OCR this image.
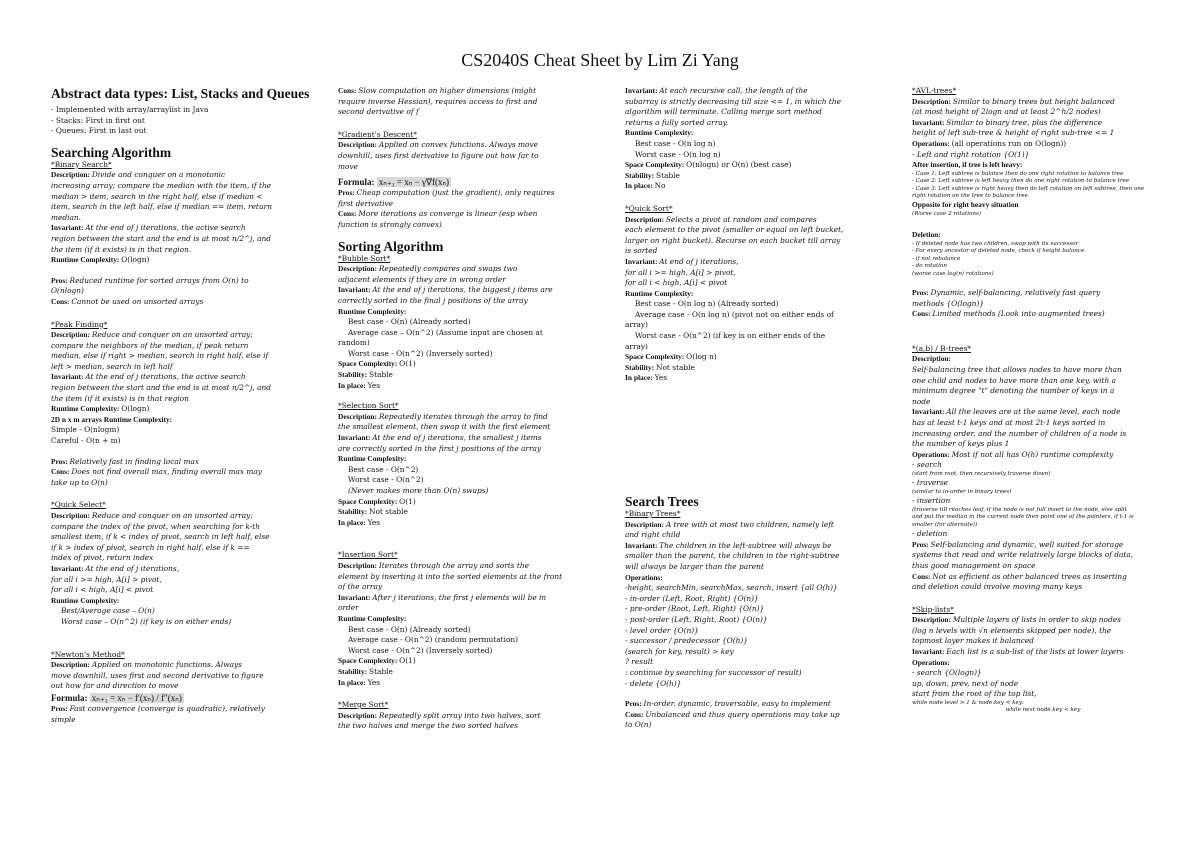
CS2040S Cheat Sheet by Lim Zi Yang
Abstract data types: List, Stacks and Queues
- Implemented with array/arraylist in Java
- Stacks: First in first out
- Queues: First in last out
Searching Algorithm
*Binary Search*
Description: Divide and conquer on a monotonic
increasing array; compare the median with the item, if the
median > item, search in the right half, else if median <
item, search in the left half, else if median == item, return
median.
Invariant: At the end of j iterations, the active search
region between the start and the end is at most n/2^j, and
the item (if it exists) is in that region.
Runtime Complexity: O(logn)
Pros: Reduced runtime for sorted arrays from O(n) to
O(nlogn)
Cons: Cannot be used on unsorted arrays
*Peak Finding*
Description: Reduce and conquer on an unsorted array;
compare the neighbors of the median, if peak return
median, else if right > median, search in right half, else if
left > median, search in left half
Invariant: At the end of j iterations, the active search
region between the start and the end is at most n/2^j, and
the item (if it exists) is in that region
Runtime Complexity: O(logn)
2D n x m arrays Runtime Complexity:
Simple - O(nlogm)
Careful - O(n + m)
Pros: Relatively fast in finding local max
Cons: Does not find overall max, finding overall max may
take up to O(n)
*Quick Select*
Description: Reduce and conquer on an unsorted array;
compare the index of the pivot, when searching for k-th
smallest item, if k < index of pivot, search in left half, else
if k > index of pivot, search in right half, else if k ==
index of pivot, return index
Invariant: At the end of j iterations,
for all i >= high, A[i] > pivot,
for all i < high, A[i] < pivot
Runtime Complexity:
Best/Average case – O(n)
Worst case – O(n^2) (if key is on either ends)
*Newton's Method*
Description: Applied on monotonic functions. Always
move downhill, uses first and second derivative to figure
out how far and direction to move
Formula: xₙ₊₁ = xₙ − f′(xₙ) / f″(xₙ)
Pros: Fast convergence (converge is quadratic), relatively
simple
Cons: Slow computation on higher dimensions (might
require inverse Hessian), requires access to first and
second derivative of f
*Gradient's Descent*
Description: Applied on convex functions. Always move
downhill, uses first derivative to figure out how far to
move
Formula: xₙ₊₁ = xₙ − γ∇f(xₙ)
Pros: Cheap computation (just the gradient), only requires
first derivative
Cons: More iterations as converge is linear (esp when
function is strongly convex)
Sorting Algorithm
*Bubble Sort*
Description: Repeatedly compares and swaps two
adjacent elements if they are in wrong order
Invariant: At the end of j iterations, the biggest j items are
correctly sorted in the final j positions of the array
Runtime Complexity:
Best case - O(n) (Already sorted)
Average case – O(n^2) (Assume input are chosen at
random)
Worst case - O(n^2) (Inversely sorted)
Space Complexity: O(1)
Stability: Stable
In place: Yes
*Selection Sort*
Description: Repeatedly iterates through the array to find
the smallest element, then swap it with the first element
Invariant: At the end of j iterations, the smallest j items
are correctly sorted in the first j positions of the array
Runtime Complexity:
Best case - O(n^2)
Worst case - O(n^2)
(Never makes more than O(n) swaps)
Space Complexity: O(1)
Stability: Not stable
In place: Yes
*Insertion Sort*
Description: Iterates through the array and sorts the
element by inserting it into the sorted elements at the front
of the array
Invariant: After j iterations, the first j elements will be in
order
Runtime Complexity:
Best case - O(n) (Already sorted)
Average case - O(n^2) (random permutation)
Worst case - O(n^2) (Inversely sorted)
Space Complexity: O(1)
Stability: Stable
In place: Yes
*Merge Sort*
Description: Repeatedly split array into two halves, sort
the two halves and merge the two sorted halves
Invariant: At each recursive call, the length of the
subarray is strictly decreasing till size <= 1, in which the
algorithm will terminate. Calling merge sort method
returns a fully sorted array.
Runtime Complexity:
Best case - O(n log n)
Worst case - O(n log n)
Space Complexity: O(nlogn) or O(n) (best case)
Stability: Stable
In place: No
*Quick Sort*
Description: Selects a pivot at random and compares
each element to the pivot (smaller or equal on left bucket,
larger on right bucket). Recurse on each bucket till array
is sorted
Invariant: At end of j iterations,
for all i >= high, A[i] > pivot,
for all i < high, A[i] < pivot
Runtime Complexity:
Best case - O(n log n) (Already sorted)
Average case - O(n log n) (pivot not on either ends of
array)
Worst case - O(n^2) (if key is on either ends of the
array)
Space Complexity: O(log n)
Stability: Not stable
In place: Yes
Search Trees
*Binary Trees*
Description: A tree with at most two children, namely left
and right child
Invariant: The children in the left-subtree will always be
smaller than the parent, the children in the right-subtree
will always be larger than the parent
Operations:
-height, searchMin, searchMax, search, insert {all O(h)}
- in-order (Left, Root, Right) {O(n)}
- pre-order (Root, Left, Right) {O(n)}
- post-order (Left, Right, Root) {O(n)}
- level order {O(n)}
- successor / predecessor {O(h)}
(search for key, result) > key
? result
: continue by searching for successor of result)
- delete {O(h)}
Pros: In-order, dynamic, traversable, easy to implement
Cons: Unbalanced and thus query operations may take up
to O(n)
*AVL-trees*
Description: Similar to binary trees but height balanced
(at most height of 2logn and at least 2^h/2 nodes)
Invariant: Similar to binary tree, plus the difference
height of left sub-tree & height of right sub-tree <= 1
Operations: (all operations run on O(logn))
- Left and right rotation {O(1)}
After insertion, if tree is left heavy:
- Case 1: Left subtree is balance then do one right rotation to balance tree
- Case 2: Left subtree is left heavy then do one right rotation to balance tree
- Case 3: Left subtree is right heavy then do left rotation on left subtree, then one
right rotation on the tree to balance tree
Opposite for right heavy situation
(Worse case 2 rotations)
Deletion:
- If deleted node has two children, swap with its successor
- For every ancestor of deleted node, check if height balance
- if not rebalance
- do rotation
(worse case log(n) rotations)
Pros: Dynamic, self-balancing, relatively fast query
methods {O(logn)}
Cons: Limited methods (Look into augmented trees)
*(a,b) / B-trees*
Description:
Self-balancing tree that allows nodes to have more than
one child and nodes to have more than one key, with a
minimum degree "t" denoting the number of keys in a
node
Invariant: All the leaves are at the same level, each node
has at least t-1 keys and at most 2t-1 keys sorted in
increasing order, and the number of children of a node is
the number of keys plus 1
Operations: Most if not all has O(h) runtime complexity
- search
(start from root, then recursively traverse down)
- traverse
(similar to in-order in binary trees)
- insertion
(traverse till reaches leaf, if the node is not full insert to the node, else split
and put the median in the current node then point one of the pointers, if t-1 is
smaller (for alternate))
- deletion
Pros: Self-balancing and dynamic, well suited for storage
systems that read and write relatively large blocks of data,
thus good management on space
Cons: Not as efficient as other balanced trees as inserting
and deletion could involve moving many keys
*Skip-lists*
Description: Multiple layers of lists in order to skip nodes
(log n levels with √n elements skipped per node), the
topmost layer makes it balanced
Invariant: Each list is a sub-list of the lists at lower layers
Operations:
- search {O(logn)}
up, down, prev, next of node
start from the root of the top list,
while node level > 1 & node.key < key:
while next node.key < key
